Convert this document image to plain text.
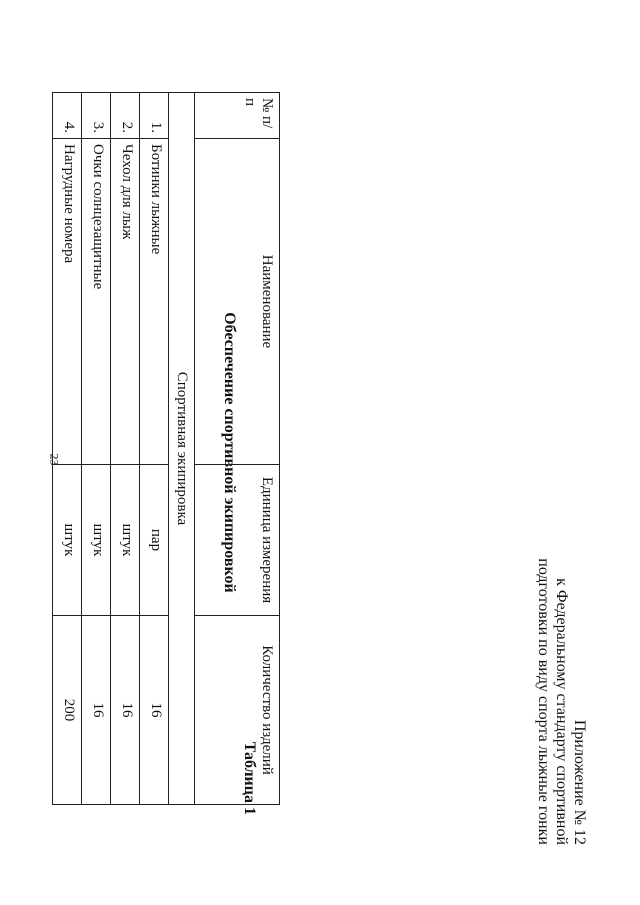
23
Приложение № 12
к Федеральному стандарту спортивной
подготовки по виду спорта лыжные гонки
Таблица 1
Обеспечение спортивной экипировкой
№ п/п	Наименование	Единица измерения	Количество изделий
Спортивная экипировка			
1.	Ботинки лыжные	пар	16
2.	Чехол для лыж	штук	16
3.	Очки солнцезащитные	штук	16
4.	Нагрудные номера	штук	200
